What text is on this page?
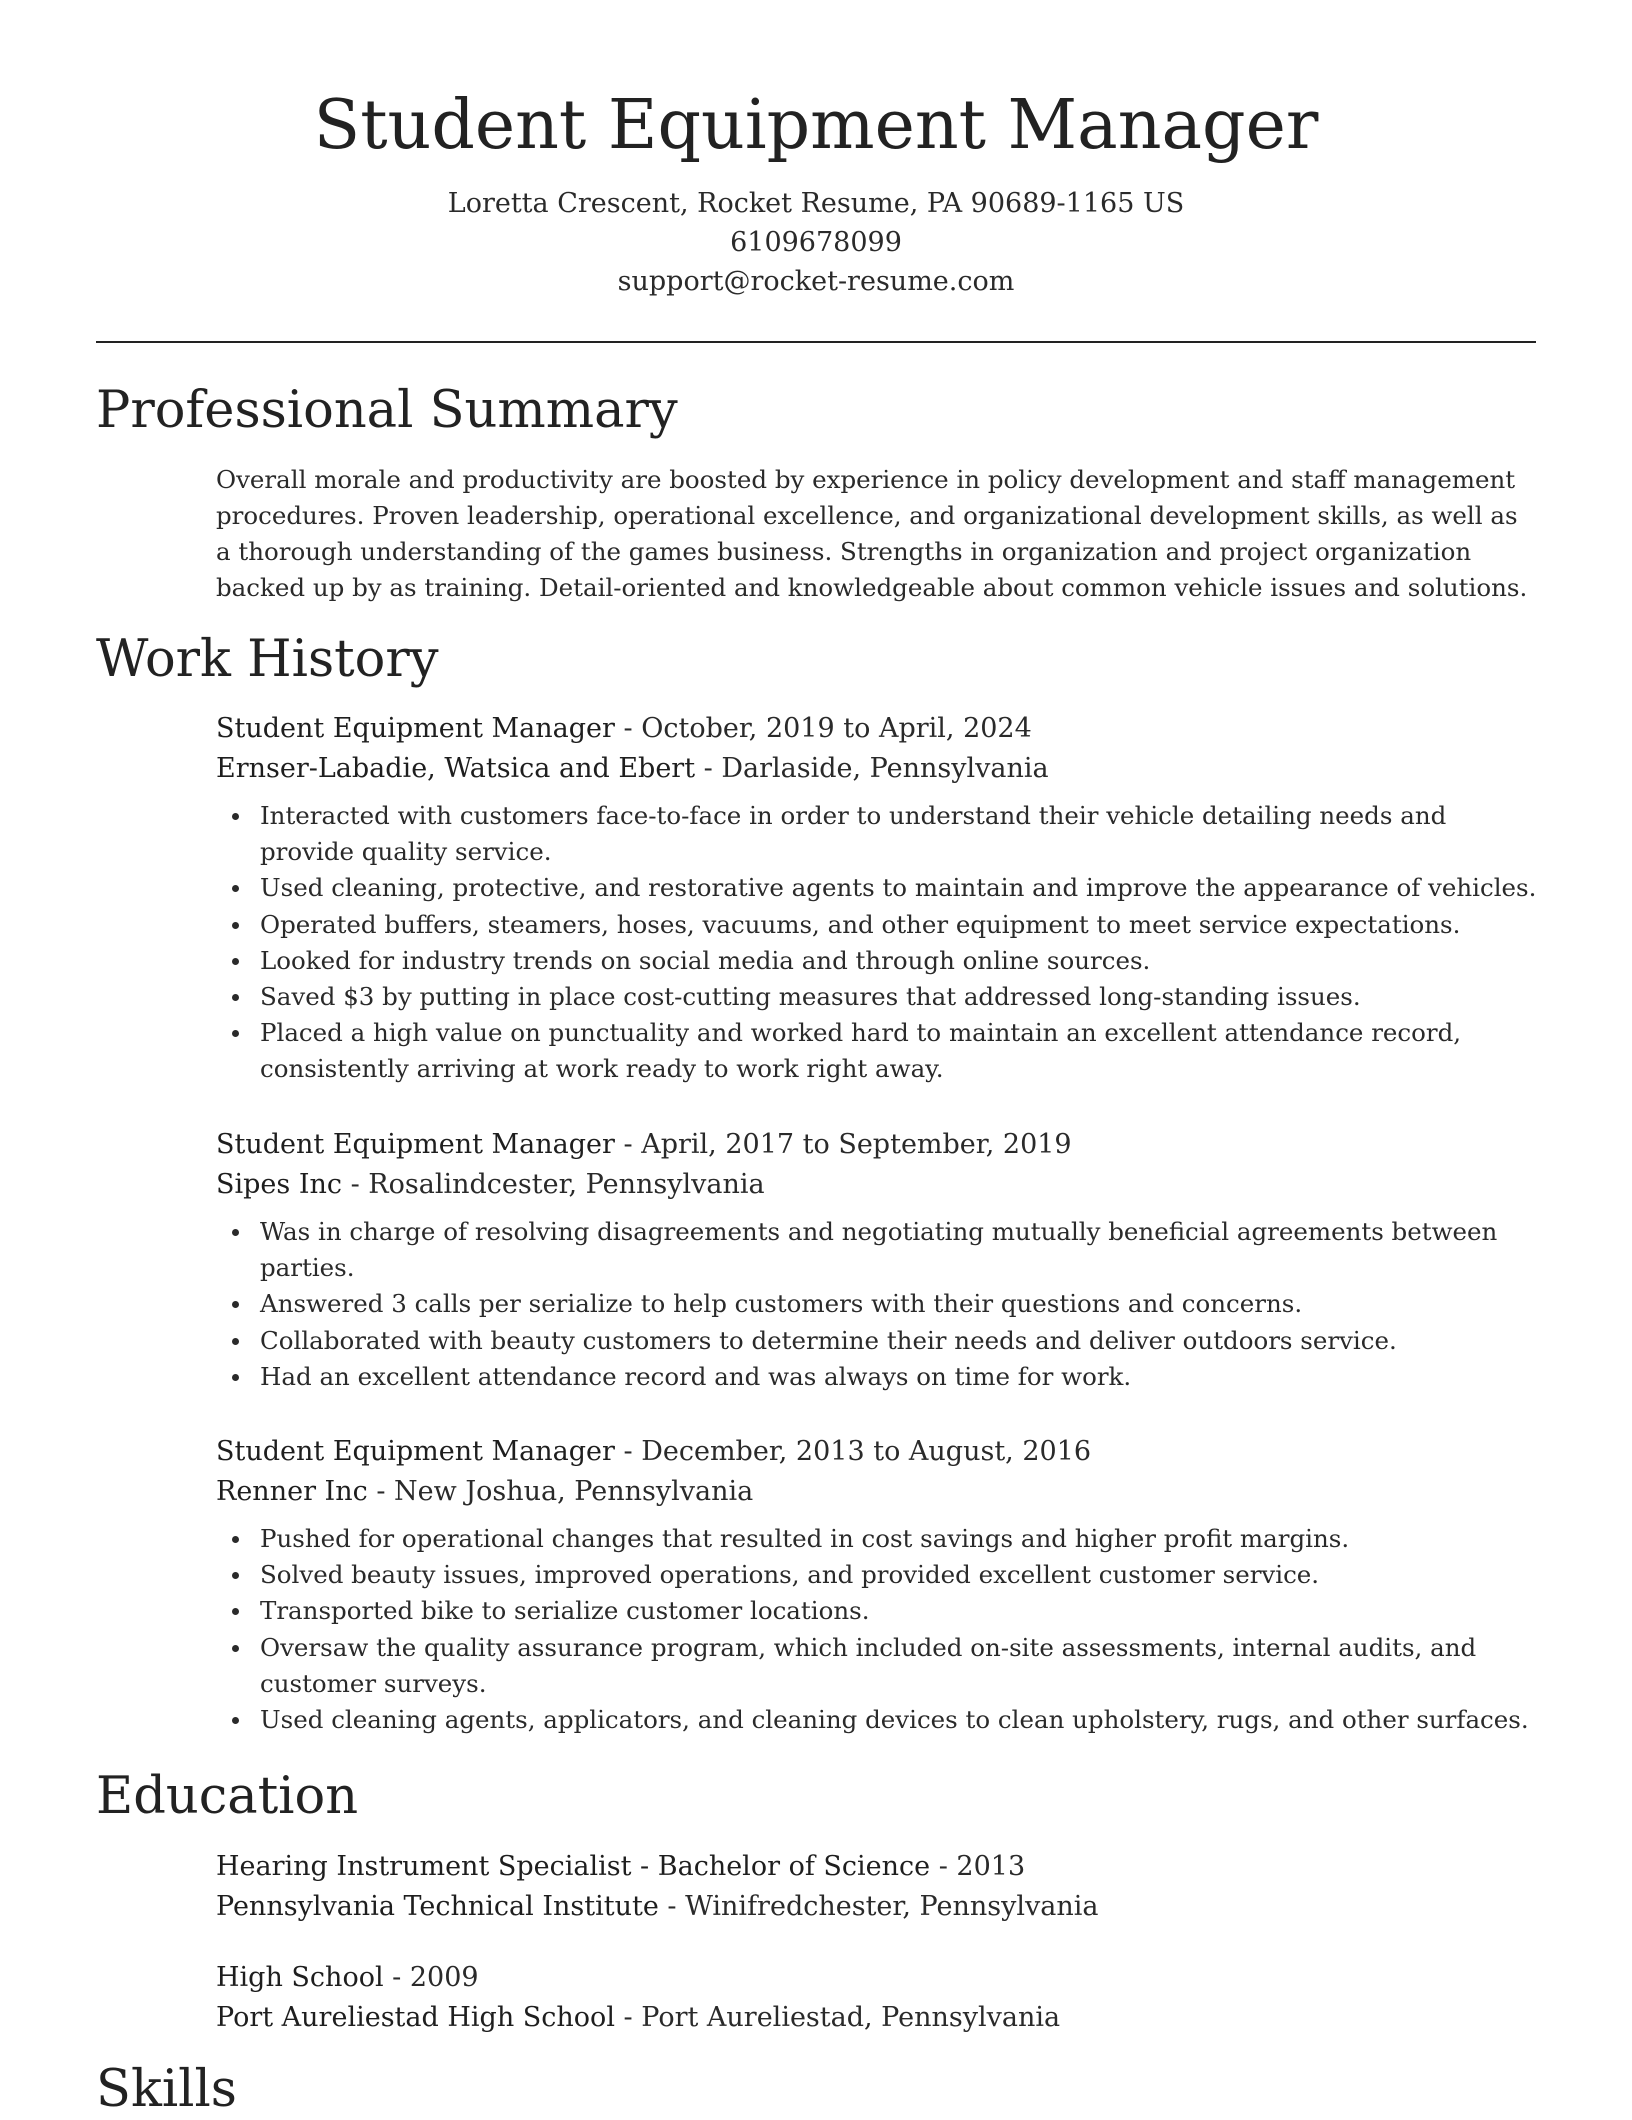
Student Equipment Manager
Loretta Crescent, Rocket Resume, PA 90689-1165 US
6109678099
support@rocket-resume.com
Professional Summary

Overall morale and productivity are boosted by experience in policy development and staff management procedures. Proven leadership, operational excellence, and organizational development skills, as well as a thorough understanding of the games business. Strengths in organization and project organization backed up by as training. Detail-oriented and knowledgeable about common vehicle issues and solutions.

Work History
Student Equipment Manager - October, 2019 to April, 2024
Ernser-Labadie, Watsica and Ebert - Darlaside, Pennsylvania
Interacted with customers face-to-face in order to understand their vehicle detailing needs and provide quality service.
Used cleaning, protective, and restorative agents to maintain and improve the appearance of vehicles.
Operated buffers, steamers, hoses, vacuums, and other equipment to meet service expectations.
Looked for industry trends on social media and through online sources.
Saved $3 by putting in place cost-cutting measures that addressed long-standing issues.
Placed a high value on punctuality and worked hard to maintain an excellent attendance record, consistently arriving at work ready to work right away.
Student Equipment Manager - April, 2017 to September, 2019
Sipes Inc - Rosalindcester, Pennsylvania
Was in charge of resolving disagreements and negotiating mutually beneficial agreements between parties.
Answered 3 calls per serialize to help customers with their questions and concerns.
Collaborated with beauty customers to determine their needs and deliver outdoors service.
Had an excellent attendance record and was always on time for work.
Student Equipment Manager - December, 2013 to August, 2016
Renner Inc - New Joshua, Pennsylvania
Pushed for operational changes that resulted in cost savings and higher profit margins.
Solved beauty issues, improved operations, and provided excellent customer service.
Transported bike to serialize customer locations.
Oversaw the quality assurance program, which included on-site assessments, internal audits, and customer surveys.
Used cleaning agents, applicators, and cleaning devices to clean upholstery, rugs, and other surfaces.
Education
Hearing Instrument Specialist - Bachelor of Science - 2013
Pennsylvania Technical Institute - Winifredchester, Pennsylvania
High School - 2009
Port Aureliestad High School - Port Aureliestad, Pennsylvania
Skills
